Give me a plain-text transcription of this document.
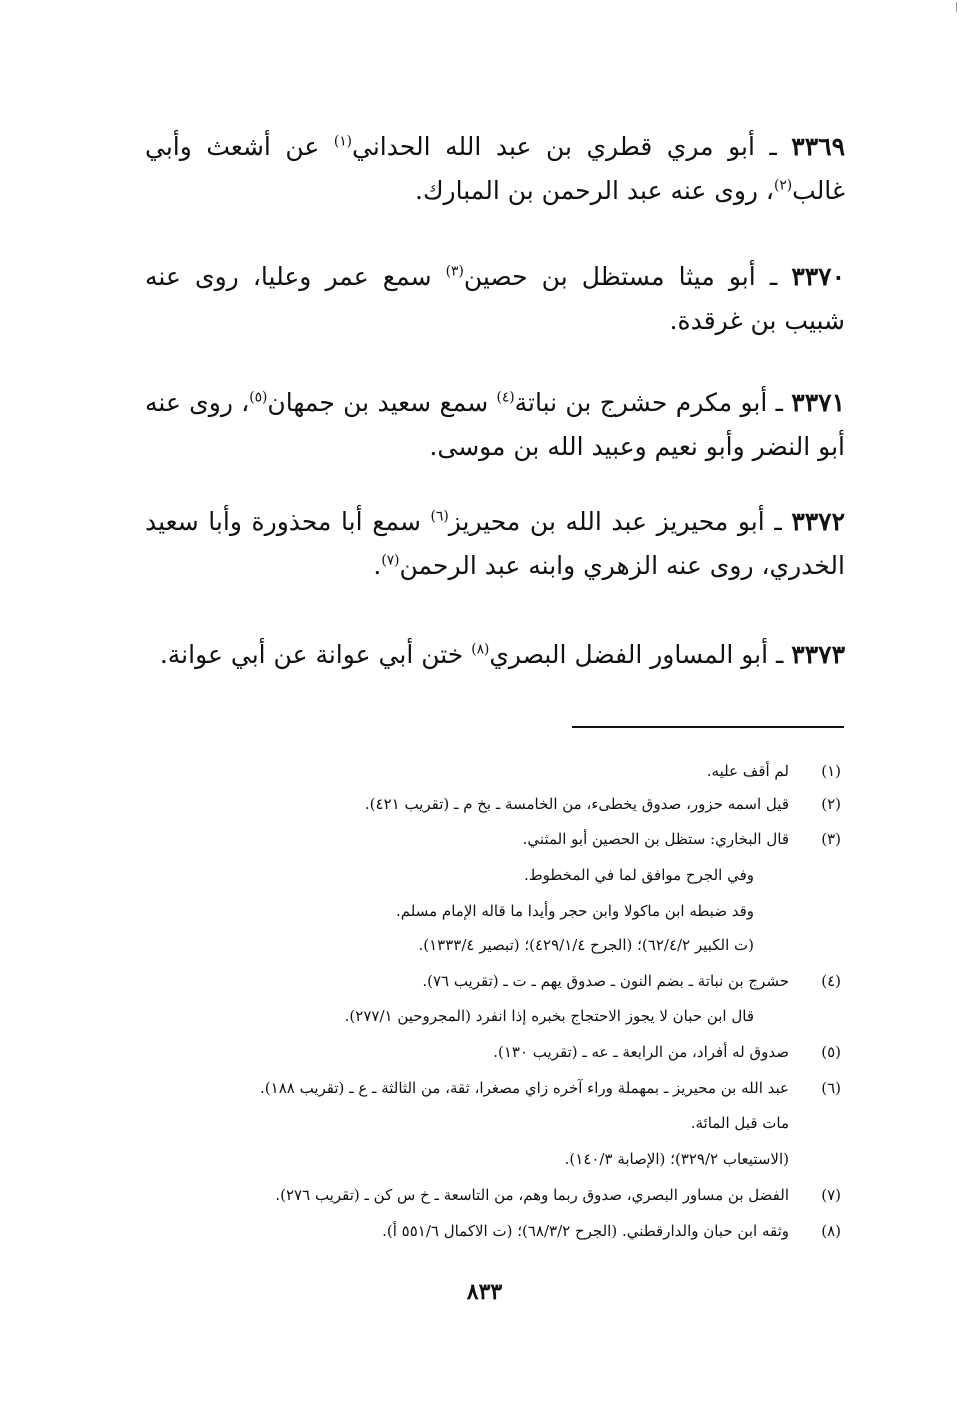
٣٣٦٩ ـ أبو مري قطري بن عبد الله الحداني$^{(١)}$ عن أشعث وأبي غالب$^{(٢)}$، روى عنه عبد الرحمن بن المبارك.
٣٣٧٠ ـ أبو ميثا مستظل بن حصين$^{(٣)}$ سمع عمر وعليا، روى عنه شبيب بن غرقدة.
٣٣٧١ ـ أبو مكرم حشرج بن نباتة$^{(٤)}$ سمع سعيد بن جمهان$^{(٥)}$، روى عنه أبو النضر وأبو نعيم وعبيد الله بن موسى.
٣٣٧٢ ـ أبو محيريز عبد الله بن محيريز$^{(٦)}$ سمع أبا محذورة وأبا سعيد الخدري، روى عنه الزهري وابنه عبد الرحمن$^{(٧)}$.
٣٣٧٣ ـ أبو المساور الفضل البصري$^{(٨)}$ ختن أبي عوانة عن أبي عوانة.
(١)
لم أقف عليه.
(٢)
قيل اسمه حزور، صدوق يخطىء، من الخامسة ـ بخ م ـ (تقريب ٤٢١).
(٣)
قال البخاري: ستظل بن الحصين أبو المثني.
وفي الجرح موافق لما في المخطوط.
وقد ضبطه ابن ماكولا وابن حجر وأيدا ما قاله الإمام مسلم.
(ت الكبير ٦٢/٤/٢)؛ (الجرح ٤٢٩/١/٤)؛ (تبصير ١٣٣٣/٤).
(٤)
حشرج بن نباتة ـ بضم النون ـ صدوق يهم ـ ت ـ (تقريب ٧٦).
قال ابن حبان لا يجوز الاحتجاج بخبره إذا انفرد (المجروحين ٢٧٧/١).
(٥)
صدوق له أفراد، من الرابعة ـ عه ـ (تقريب ١٣٠).
(٦)
عبد الله بن محيريز ـ بمهملة وراء آخره زاي مصغرا، ثقة، من الثالثة ـ ع ـ (تقريب ١٨٨).
مات قبل المائة.
(الاستيعاب ٣٢٩/٢)؛ (الإصابة ١٤٠/٣).
(٧)
الفضل بن مساور البصري، صدوق ربما وهم، من التاسعة ـ خ س كن ـ (تقريب ٢٧٦).
(٨)
وثقه ابن حبان والدارقطني. (الجرح ٦٨/٣/٢)؛ (ت الاكمال ٥٥١/٦ أ).
٨٣٣
